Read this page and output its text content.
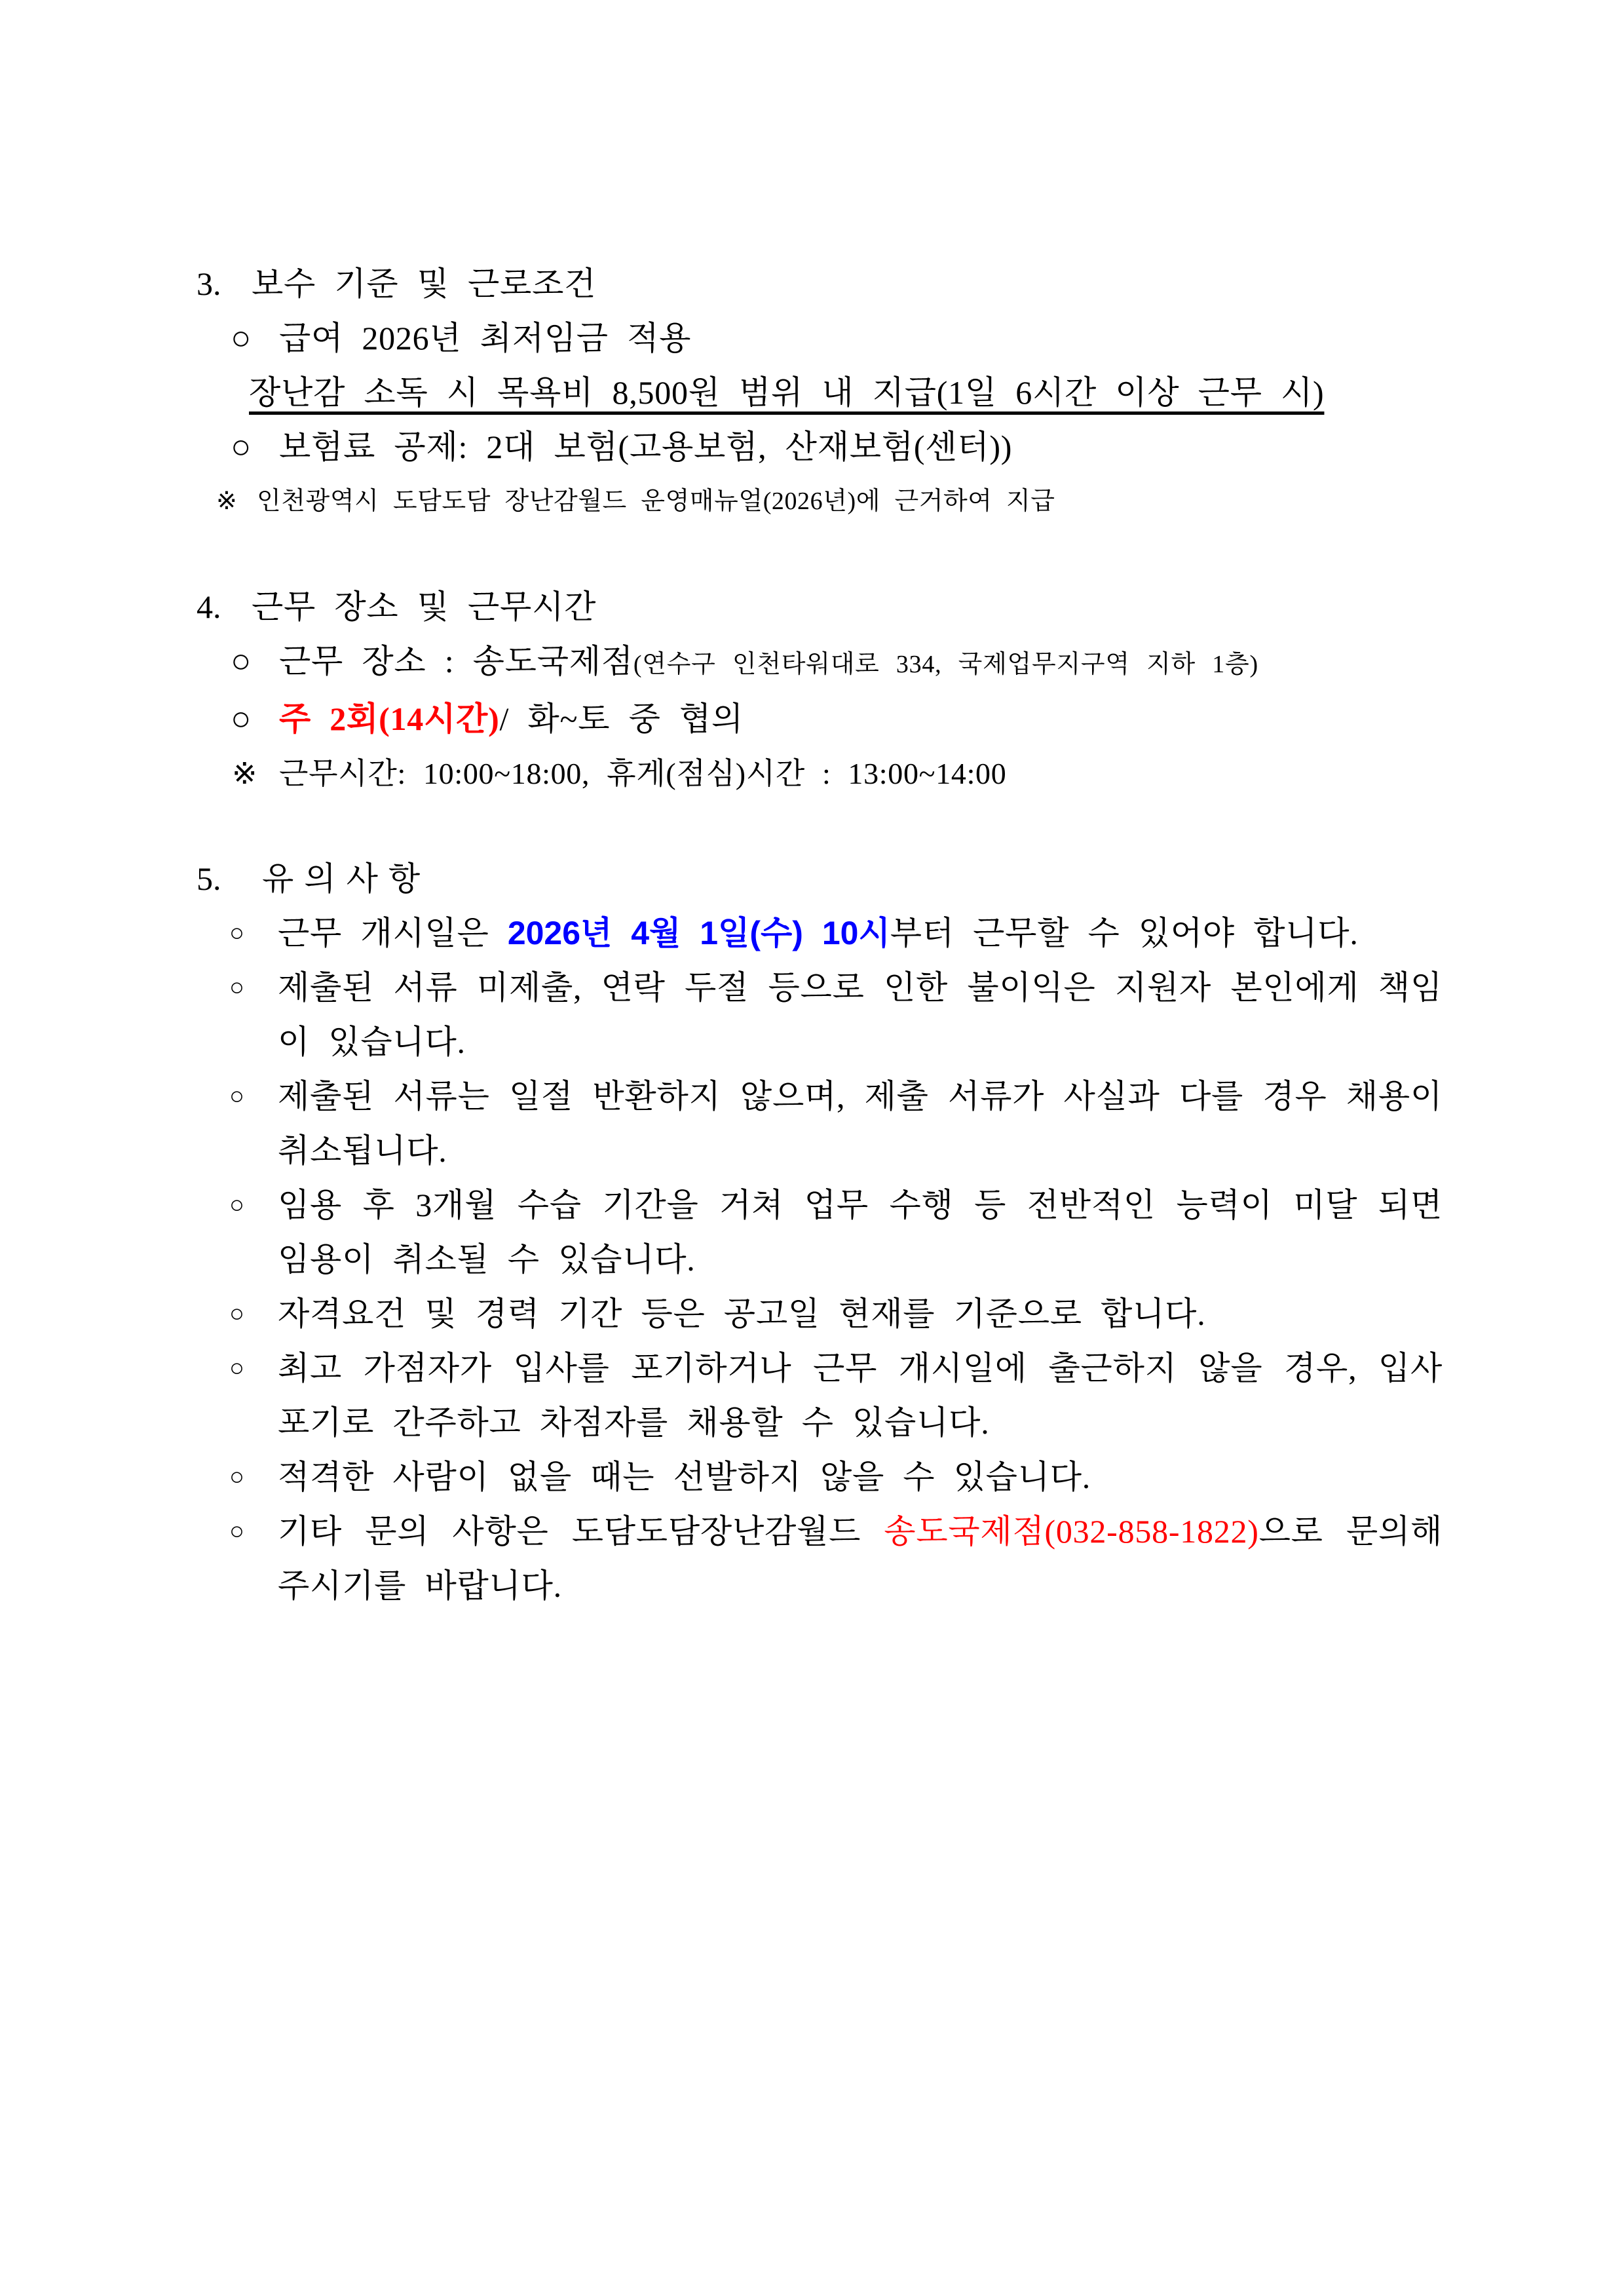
3. 보수 기준 및 근로조건
○ 급여 2026년 최저임금 적용
장난감 소독 시 목욕비 8,500원 범위 내 지급(1일 6시간 이상 근무 시)
○ 보험료 공제: 2대 보험(고용보험, 산재보험(센터))
※ 인천광역시 도담도담 장난감월드 운영매뉴얼(2026년)에 근거하여 지급
4. 근무 장소 및 근무시간
○ 근무 장소 : 송도국제점(연수구 인천타워대로 334, 국제업무지구역 지하 1층)
○ 주 2회(14시간)/ 화~토 중 협의
※ 근무시간: 10:00~18:00, 휴게(점심)시간 : 13:00~14:00
5.	유의사항
○	근무 개시일은 2026년 4월 1일(수) 10시부터 근무할 수 있어야 합니다.
○	제출된 서류 미제출, 연락 두절 등으로 인한 불이익은 지원자 본인에게 책임이 있습니다.
○	제출된 서류는 일절 반환하지 않으며, 제출 서류가 사실과 다를 경우 채용이 취소됩니다.
○	임용 후 3개월 수습 기간을 거쳐 업무 수행 등 전반적인 능력이 미달 되면 임용이 취소될 수 있습니다.
○	자격요건 및 경력 기간 등은 공고일 현재를 기준으로 합니다.
○	최고 가점자가 입사를 포기하거나 근무 개시일에 출근하지 않을 경우, 입사포기로 간주하고 차점자를 채용할 수 있습니다.
○	적격한 사람이 없을 때는 선발하지 않을 수 있습니다.
○	기타 문의 사항은 도담도담장난감월드 송도국제점(032-858-1822)으로 문의해 주시기를 바랍니다.
